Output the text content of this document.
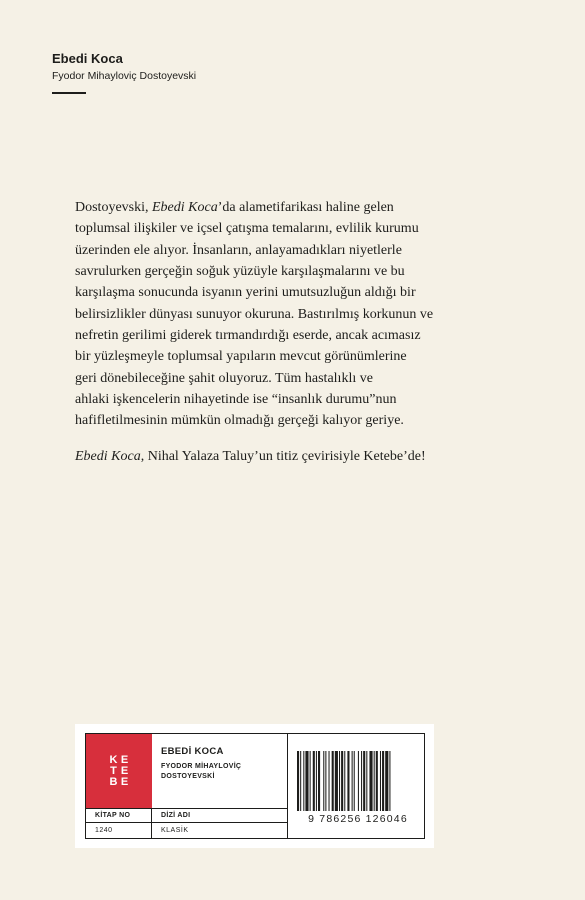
Ebedi Koca
Fyodor Mihayloviç Dostoyevski

Dostoyevski, Ebedi Koca’da alametifarikası haline gelen

toplumsal ilişkiler ve içsel çatışma temalarını, evlilik kurumu

üzerinden ele alıyor. İnsanların, anlayamadıkları niyetlerle

savrulurken gerçeğin soğuk yüzüyle karşılaşmalarını ve bu

karşılaşma sonucunda isyanın yerini umutsuzluğun aldığı bir

belirsizlikler dünyası sunuyor okuruna. Bastırılmış korkunun ve

nefretin gerilimi giderek tırmandırdığı eserde, ancak acımasız

bir yüzleşmeyle toplumsal yapıların mevcut görünümlerine

geri dönebileceğine şahit oluyoruz. Tüm hastalıklı ve

ahlaki işkencelerin nihayetinde ise “insanlık durumu”nun

hafifletilmesinin mümkün olmadığı gerçeği kalıyor geriye.

Ebedi Koca, Nihal Yalaza Taluy’un titiz çevirisiyle Ketebe’de!

K E
T E
B E
EBEDİ KOCA
FYODOR MİHAYLOVİÇ
DOSTOYEVSKİ
KİTAP NO	DİZİ ADI
1240	KLASİK
9 786256 126046
